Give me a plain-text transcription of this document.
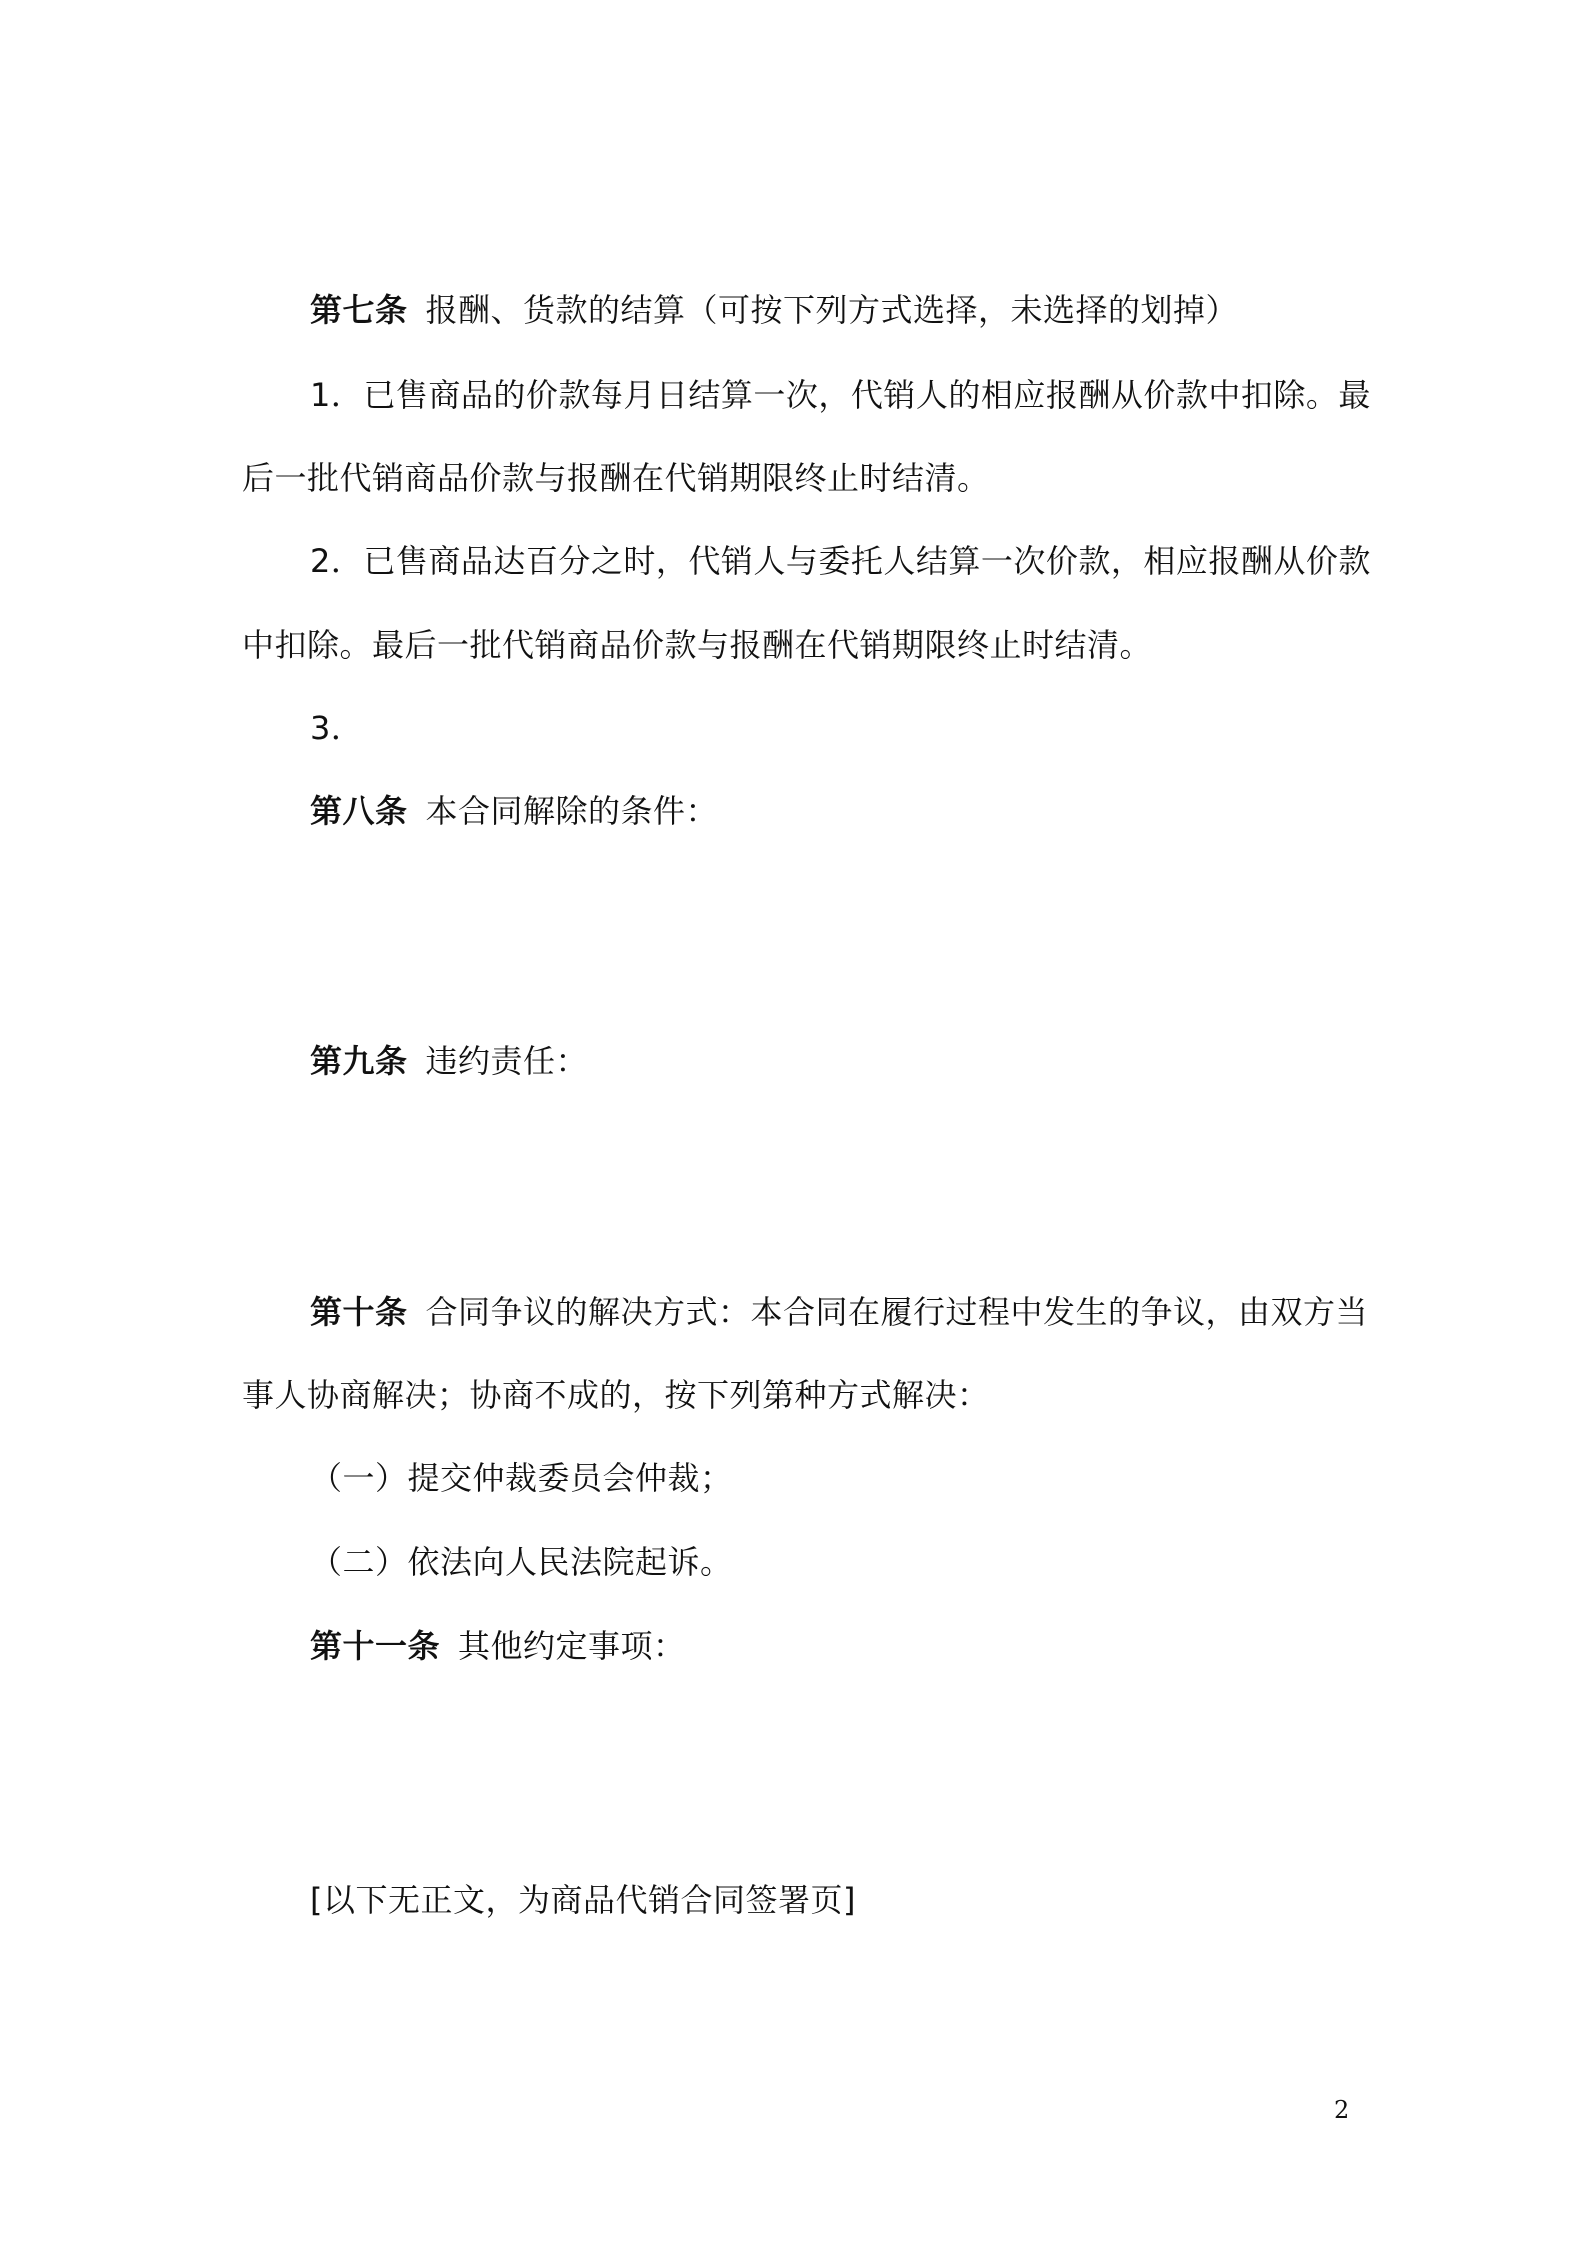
第七条 报酬、货款的结算（可按下列方式选择，未选择的划掉）
1．已售商品的价款每月日结算一次，代销人的相应报酬从价款中扣除。最
后一批代销商品价款与报酬在代销期限终止时结清。
2．已售商品达百分之时，代销人与委托人结算一次价款，相应报酬从价款
中扣除。最后一批代销商品价款与报酬在代销期限终止时结清。
3．
第八条 本合同解除的条件：
第九条 违约责任：
第十条 合同争议的解决方式：本合同在履行过程中发生的争议，由双方当
事人协商解决；协商不成的，按下列第种方式解决：
（一）提交仲裁委员会仲裁；
（二）依法向人民法院起诉。
第十一条 其他约定事项：
[以下无正文，为商品代销合同签署页]
2
